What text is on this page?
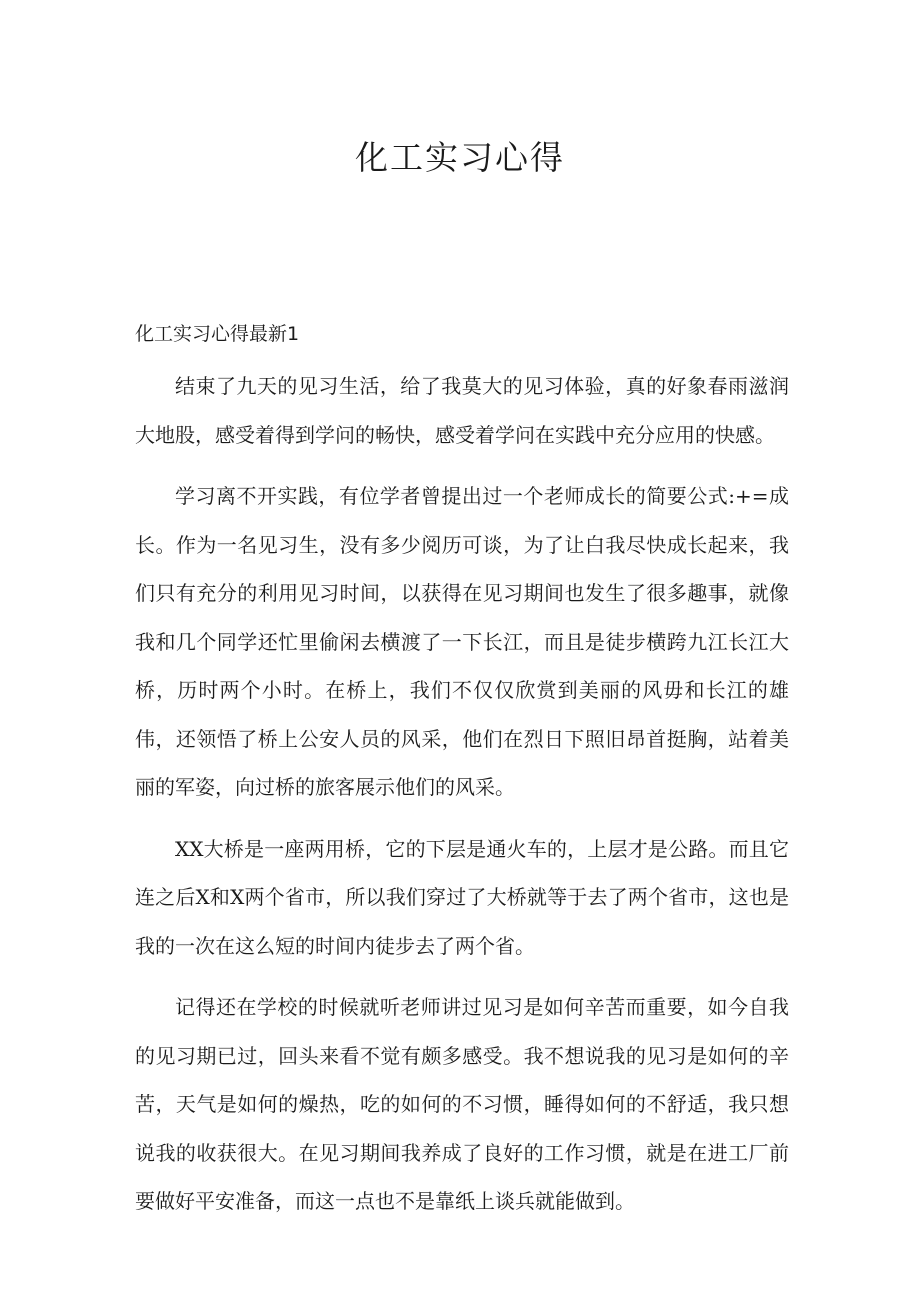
化工实习心得
化工实习心得最新1

结束了九天的见习生活，给了我莫大的见习体验，真的好象春雨滋润大地股，感受着得到学问的畅快，感受着学问在实践中充分应用的快感。

学习离不开实践，有位学者曾提出过一个老师成长的简要公式:+=成长。作为一名见习生，没有多少阅历可谈，为了让白我尽快成长起来，我们只有充分的利用见习时间，以获得在见习期间也发生了很多趣事，就像我和几个同学还忙里偷闲去横渡了一下长江，而且是徒步横跨九江长江大桥，历时两个小时。在桥上，我们不仅仅欣赏到美丽的风毋和长江的雄伟，还领悟了桥上公安人员的风采，他们在烈日下照旧昂首挺胸，站着美丽的军姿，向过桥的旅客展示他们的风采。

XX大桥是一座两用桥，它的下层是通火车的，上层才是公路。而且它连之后X和X两个省市，所以我们穿过了大桥就等于去了两个省市，这也是我的一次在这么短的时间内徒步去了两个省。

记得还在学校的时候就听老师讲过见习是如何辛苦而重要，如今自我的见习期已过，回头来看不觉有颇多感受。我不想说我的见习是如何的辛苦，天气是如何的燥热，吃的如何的不习惯，睡得如何的不舒适，我只想说我的收获很大。在见习期间我养成了良好的工作习惯，就是在进工厂前要做好平安准备，而这一点也不是靠纸上谈兵就能做到。
